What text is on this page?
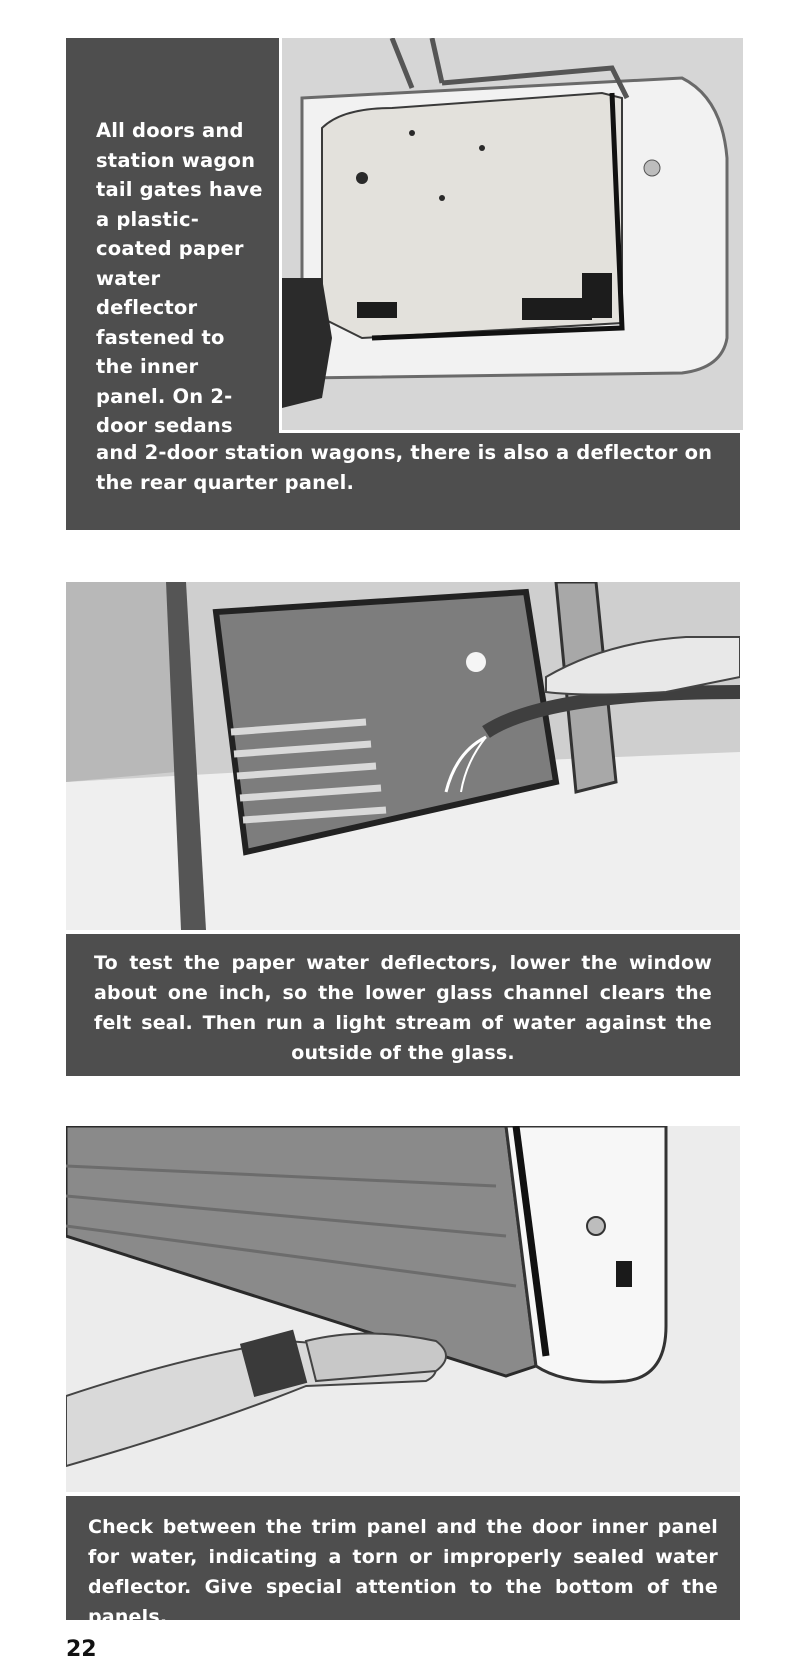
All doors and station wagon tail gates have a plastic-coated paper water deflector fastened to the inner panel. On 2-door sedans

and 2-door station wagons, there is also a deflector on the rear quarter panel.

To test the paper water deflectors, lower the window about one inch, so the lower glass channel clears the felt seal. Then run a light stream of water against the outside of the glass.

Check between the trim panel and the door inner panel for water, indicating a torn or improperly sealed water deflector. Give special attention to the bottom of the panels.

22
